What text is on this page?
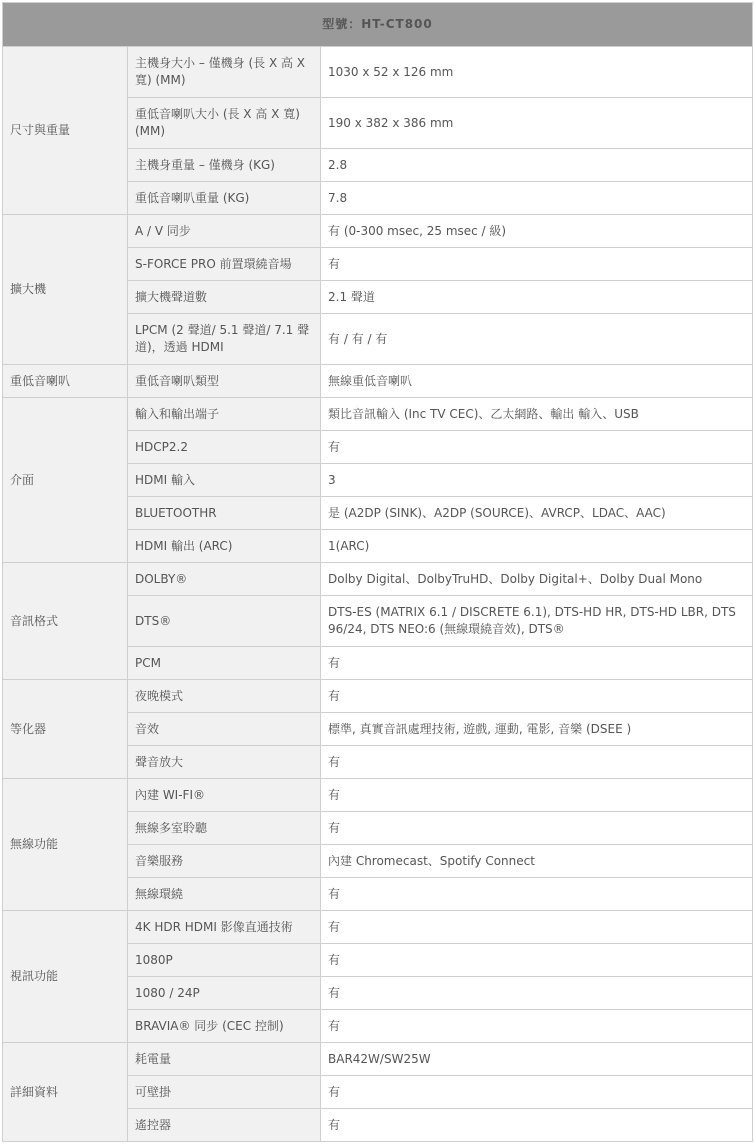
型號：HT-CT800		
尺寸與重量	主機身大小 – 僅機身 (長 X 高 X 寬) (MM)	1030 x 52 x 126 mm
	重低音喇叭大小 (長 X 高 X 寬) (MM)	190 x 382 x 386 mm
	主機身重量 – 僅機身 (KG)	2.8
	重低音喇叭重量 (KG)	7.8
擴大機	A / V 同步	有 (0-300 msec, 25 msec / 級)
	S-FORCE PRO 前置環繞音場	有
	擴大機聲道數	2.1 聲道
	LPCM (2 聲道/ 5.1 聲道/ 7.1 聲道)，透過 HDMI	有 / 有 / 有
重低音喇叭	重低音喇叭類型	無線重低音喇叭
介面	輸入和輸出端子	類比音訊輸入 (Inc TV CEC)、乙太網路、輸出 輸入、USB
	HDCP2.2	有
	HDMI 輸入	3
	BLUETOOTHR	是 (A2DP (SINK)、A2DP (SOURCE)、AVRCP、LDAC、AAC)
	HDMI 輸出 (ARC)	1(ARC)
音訊格式	DOLBY®	Dolby Digital、DolbyTruHD、Dolby Digital+、Dolby Dual Mono
	DTS®	DTS-ES (MATRIX 6.1 / DISCRETE 6.1), DTS-HD HR, DTS-HD LBR, DTS 96/24, DTS NEO:6 (無線環繞音效), DTS®
	PCM	有
等化器	夜晚模式	有
	音效	標準, 真實音訊處理技術, 遊戲, 運動, 電影, 音樂 (DSEE )
	聲音放大	有
無線功能	內建 WI-FI®	有
	無線多室聆聽	有
	音樂服務	內建 Chromecast、Spotify Connect
	無線環繞	有
視訊功能	4K HDR HDMI 影像直通技術	有
	1080P	有
	1080 / 24P	有
	BRAVIA® 同步 (CEC 控制)	有
詳細資料	耗電量	BAR42W/SW25W
	可壁掛	有
	遙控器	有
